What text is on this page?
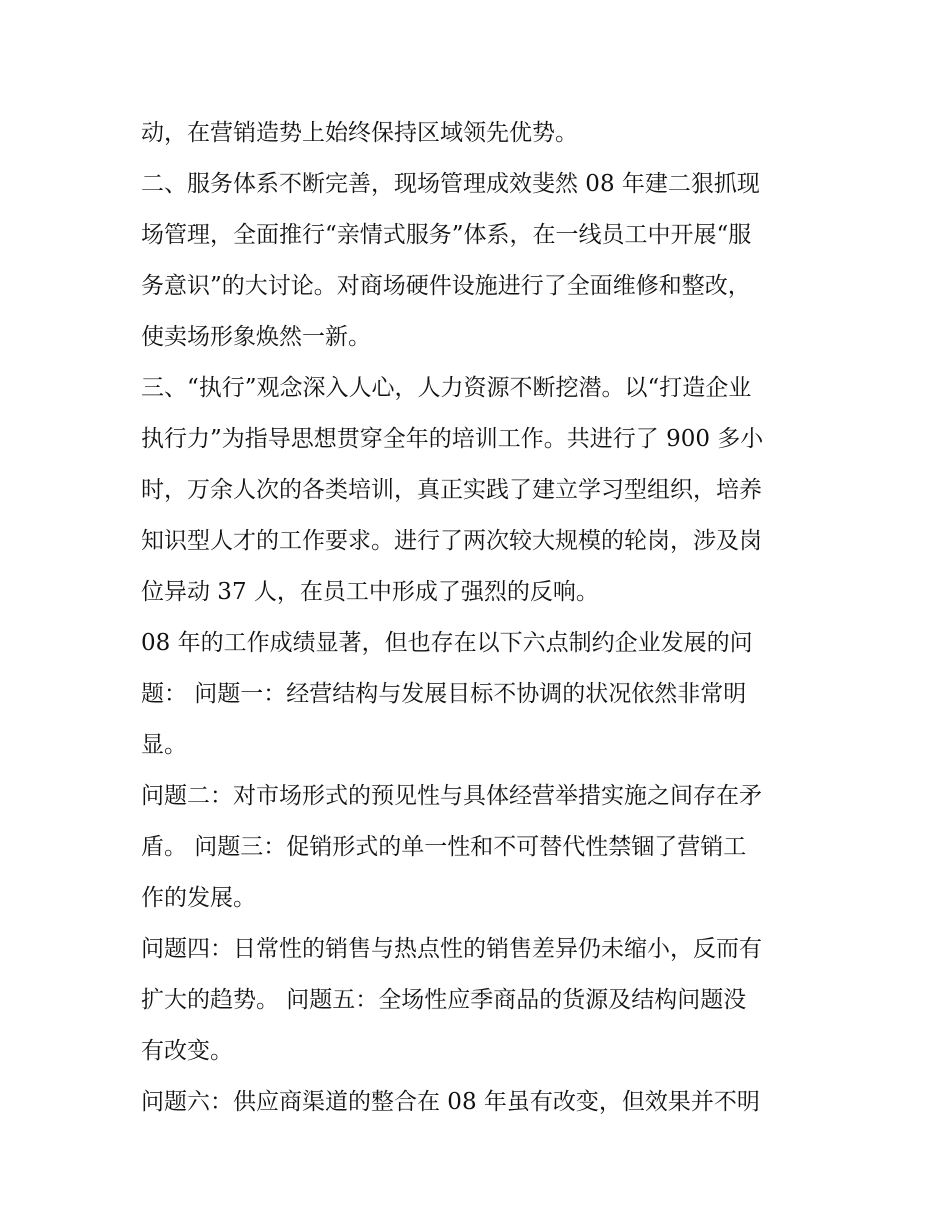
动，在营销造势上始终保持区域领先优势。
二、服务体系不断完善，现场管理成效斐然 08 年建二狠抓现
场管理，全面推行“亲情式服务”体系，在一线员工中开展“服
务意识”的大讨论。对商场硬件设施进行了全面维修和整改，
使卖场形象焕然一新。
三、“执行”观念深入人心，人力资源不断挖潜。以“打造企业
执行力”为指导思想贯穿全年的培训工作。共进行了 900 多小
时，万余人次的各类培训，真正实践了建立学习型组织，培养
知识型人才的工作要求。进行了两次较大规模的轮岗，涉及岗
位异动 37 人，在员工中形成了强烈的反响。
08 年的工作成绩显著，但也存在以下六点制约企业发展的问
题： 问题一：经营结构与发展目标不协调的状况依然非常明
显。
问题二：对市场形式的预见性与具体经营举措实施之间存在矛
盾。 问题三：促销形式的单一性和不可替代性禁锢了营销工
作的发展。
问题四：日常性的销售与热点性的销售差异仍未缩小，反而有
扩大的趋势。 问题五：全场性应季商品的货源及结构问题没
有改变。
问题六：供应商渠道的整合在 08 年虽有改变，但效果并不明
